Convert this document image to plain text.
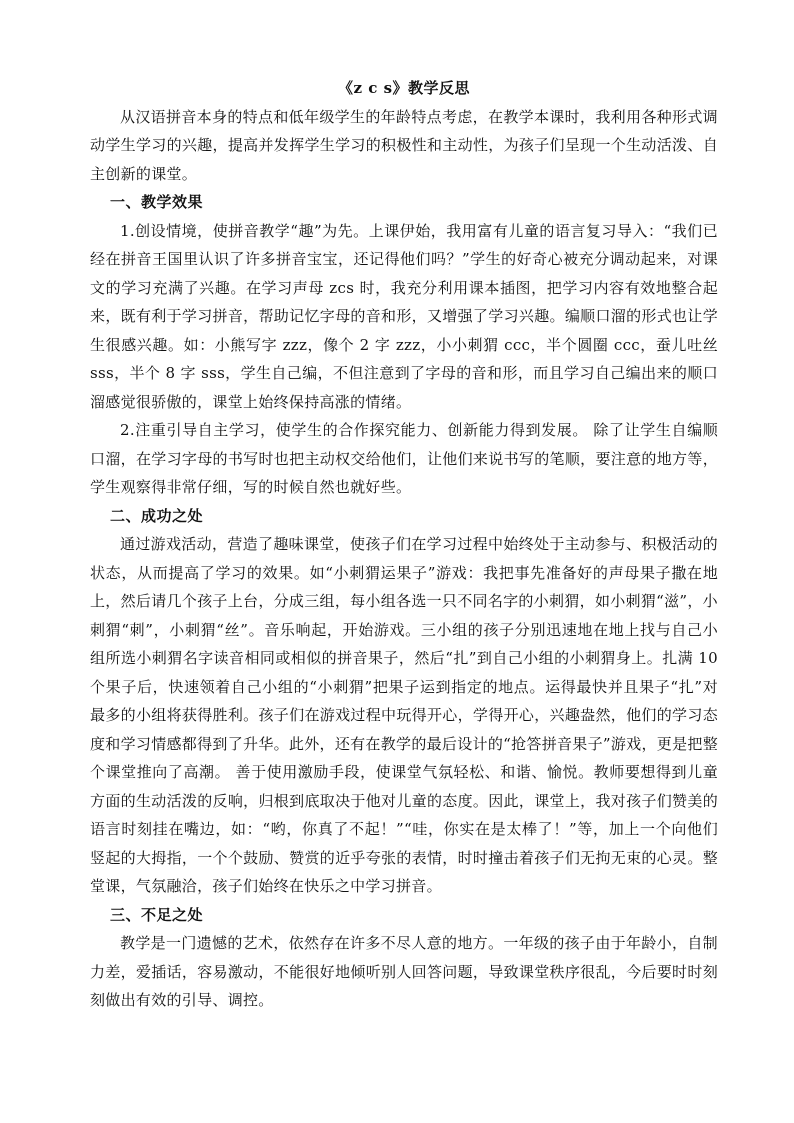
《z c s》教学反思

从汉语拼音本身的特点和低年级学生的年龄特点考虑，在教学本课时，我利用各种形式调动学生学习的兴趣，提高并发挥学生学习的积极性和主动性，为孩子们呈现一个生动活泼、自主创新的课堂。

一、教学效果

1.创设情境，使拼音教学“趣”为先。上课伊始，我用富有儿童的语言复习导入：“我们已经在拼音王国里认识了许多拼音宝宝，还记得他们吗？”学生的好奇心被充分调动起来，对课文的学习充满了兴趣。在学习声母 zcs 时，我充分利用课本插图，把学习内容有效地整合起来，既有利于学习拼音，帮助记忆字母的音和形，又增强了学习兴趣。编顺口溜的形式也让学生很感兴趣。如：小熊写字 zzz，像个 2 字 zzz，小小刺猬 ccc，半个圆圈 ccc，蚕儿吐丝 sss，半个 8 字 sss，学生自己编，不但注意到了字母的音和形，而且学习自己编出来的顺口溜感觉很骄傲的，课堂上始终保持高涨的情绪。

2.注重引导自主学习，使学生的合作探究能力、创新能力得到发展。 除了让学生自编顺口溜，在学习字母的书写时也把主动权交给他们，让他们来说书写的笔顺，要注意的地方等，学生观察得非常仔细，写的时候自然也就好些。

二、成功之处

通过游戏活动，营造了趣味课堂，使孩子们在学习过程中始终处于主动参与、积极活动的状态，从而提高了学习的效果。如“小刺猬运果子”游戏：我把事先准备好的声母果子撒在地上，然后请几个孩子上台，分成三组，每小组各选一只不同名字的小刺猬，如小刺猬“滋”，小刺猬“刺”，小刺猬“丝”。音乐响起，开始游戏。三小组的孩子分别迅速地在地上找与自己小组所选小刺猬名字读音相同或相似的拼音果子，然后“扎”到自己小组的小刺猬身上。扎满 10 个果子后，快速领着自己小组的“小刺猬”把果子运到指定的地点。运得最快并且果子“扎”对最多的小组将获得胜利。孩子们在游戏过程中玩得开心，学得开心，兴趣盎然，他们的学习态度和学习情感都得到了升华。此外，还有在教学的最后设计的“抢答拼音果子”游戏，更是把整个课堂推向了高潮。 善于使用激励手段，使课堂气氛轻松、和谐、愉悦。教师要想得到儿童方面的生动活泼的反响，归根到底取决于他对儿童的态度。因此，课堂上，我对孩子们赞美的语言时刻挂在嘴边，如：“哟，你真了不起！”“哇，你实在是太棒了！”等，加上一个向他们竖起的大拇指，一个个鼓励、赞赏的近乎夸张的表情，时时撞击着孩子们无拘无束的心灵。整堂课，气氛融洽，孩子们始终在快乐之中学习拼音。

三、不足之处

教学是一门遗憾的艺术，依然存在许多不尽人意的地方。一年级的孩子由于年龄小，自制力差，爱插话，容易激动，不能很好地倾听别人回答问题，导致课堂秩序很乱，今后要时时刻刻做出有效的引导、调控。
